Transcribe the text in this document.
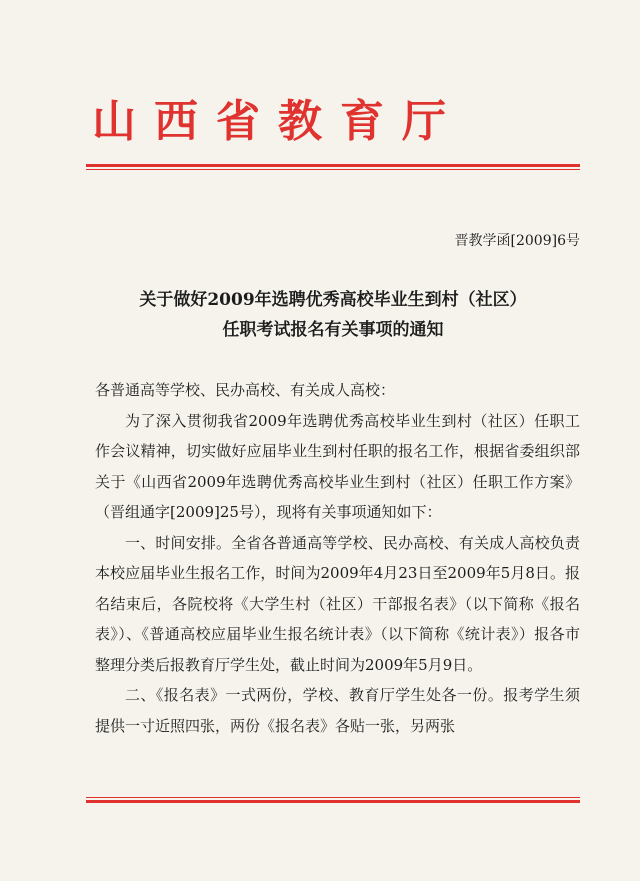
山西省教育厅
晋教学函[2009]6号
关于做好2009年选聘优秀高校毕业生到村（社区）
任职考试报名有关事项的通知

各普通高等学校、民办高校、有关成人高校：

为了深入贯彻我省2009年选聘优秀高校毕业生到村（社区）任职工作会议精神，切实做好应届毕业生到村任职的报名工作，根据省委组织部关于《山西省2009年选聘优秀高校毕业生到村（社区）任职工作方案》（晋组通字[2009]25号），现将有关事项通知如下：

一、时间安排。全省各普通高等学校、民办高校、有关成人高校负责本校应届毕业生报名工作，时间为2009年4月23日至2009年5月8日。报名结束后，各院校将《大学生村（社区）干部报名表》（以下简称《报名表》）、《普通高校应届毕业生报名统计表》（以下简称《统计表》）报各市整理分类后报教育厅学生处，截止时间为2009年5月9日。

二、《报名表》一式两份，学校、教育厅学生处各一份。报考学生须提供一寸近照四张，两份《报名表》各贴一张，另两张
